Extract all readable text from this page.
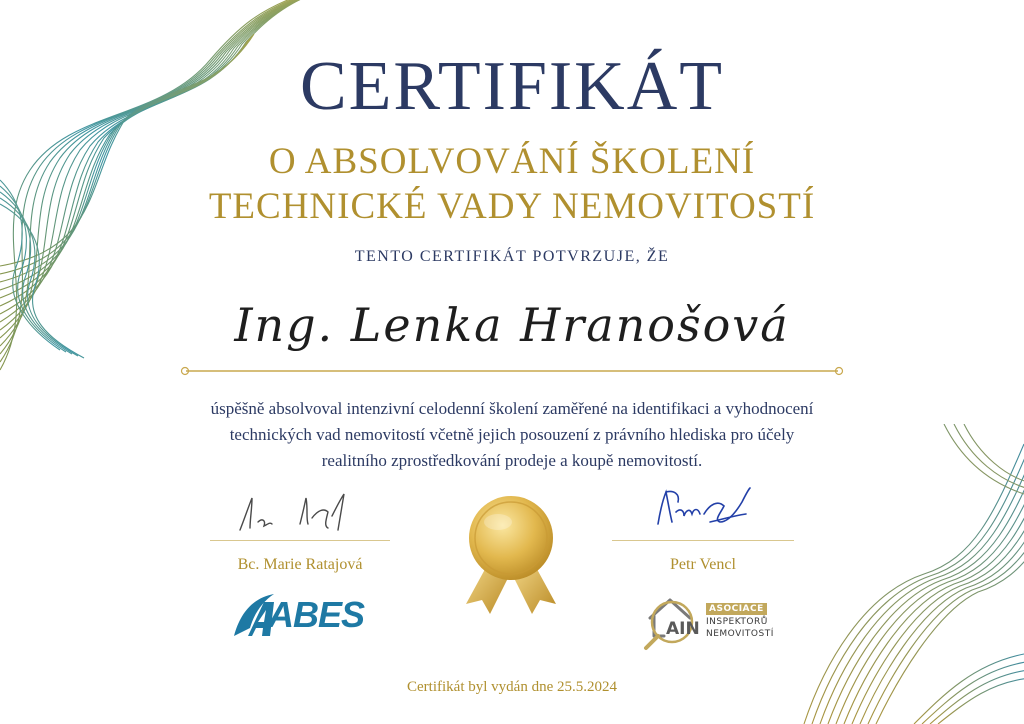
CERTIFIKÁT
O ABSOLVOVÁNÍ ŠKOLENÍ
TECHNICKÉ VADY NEMOVITOSTÍ
TENTO CERTIFIKÁT POTVRZUJE, ŽE
Ing. Lenka Hranošová
úspěšně absolvoval intenzivní celodenní školení zaměřené na identifikaci a vyhodnocení
technických vad nemovitostí včetně jejich posouzení z právního hlediska pro účely
realitního zprostředkování prodeje a koupě nemovitostí.
Bc. Marie Ratajová	Petr Vencl
ABES	AIN
ASOCIACE
INSPEKTORŮ
NEMOVITOSTÍ
Certifikát byl vydán dne 25.5.2024
